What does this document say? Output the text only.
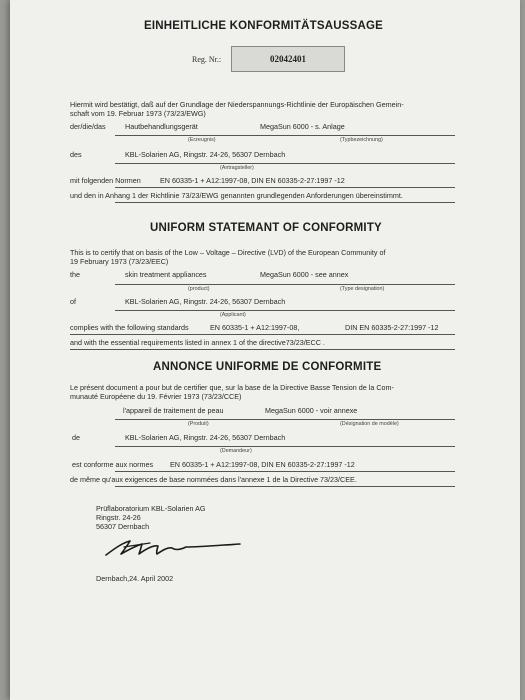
EINHEITLICHE KONFORMITÄTSAUSSAGE
Reg. Nr.:	02042401
Hiermit wird bestätigt, daß auf der Grundlage der Niederspannungs-Richtlinie der Europäischen Gemein-
schaft vom 19. Februar 1973 (73/23/EWG)
der/die/das	Hautbehandlungsgerät	MegaSun 6000 - s. Anlage
(Erzeugnis)	(Typbezeichnung)
des	KBL-Solarien AG, Ringstr. 24-26, 56307 Dernbach
(Antragsteller)
mit folgenden Normen	EN 60335-1 + A12:1997-08, DIN EN 60335-2-27:1997 -12
und den in Anhang 1 der Richtlinie 73/23/EWG genannten grundlegenden Anforderungen übereinstimmt.
UNIFORM STATEMANT OF CONFORMITY
This is to certify that on basis of the Low – Voltage – Directive (LVD) of the European Community of
19 February 1973 (73/23/EEC)
the	skin treatment appliances	MegaSun 6000 - see annex
(product)	(Type designation)
of	KBL-Solarien AG, Ringstr. 24-26, 56307 Dernbach
(Applicant)
complies with the following standards	EN 60335-1 + A12:1997-08,	DIN EN 60335-2-27:1997 -12
and with the essential requirements listed in annex 1 of the directive73/23/ECC .
ANNONCE UNIFORME DE CONFORMITE
Le présent document a pour but de certifier que, sur la base de la Directive Basse Tension de la Com-
munauté Européene du 19. Février 1973 (73/23/CCE)
l'appareil de traitement de peau	MegaSun 6000 - voir annexe
(Produit)	(Désignation de modèle)
de	KBL-Solarien AG, Ringstr. 24-26, 56307 Dernbach
(Demandeur)
est conforme aux normes EN 60335-1 + A12:1997-08, DIN EN 60335-2-27:1997 -12
de même qu'aux exigences de base nommées dans l'annexe 1 de la Directive 73/23/CEE.
Prüflaboratorium KBL-Solarien AG
Ringstr. 24-26
56307 Dernbach
Dernbach,24. April 2002
